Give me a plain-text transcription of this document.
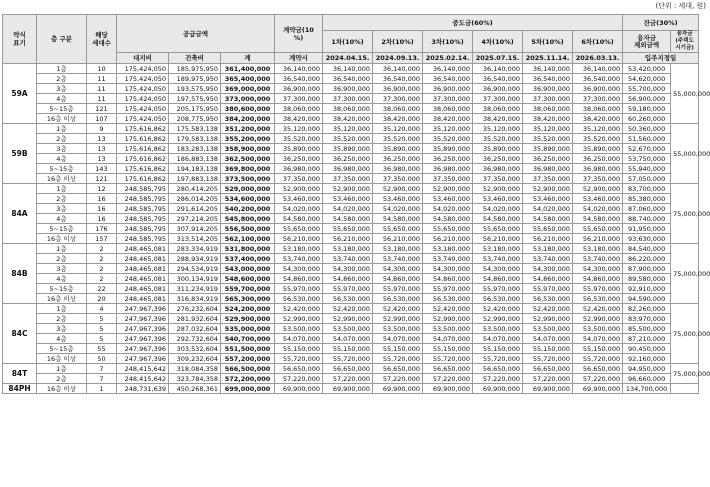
(단위 : 세대, 원)
약식
표기	층 구분	해당
세대수	공급금액			계약금(10
%)	중도금(60%)						잔금(30%)	
							1차(10%)	2차(10%)	3차(10%)	4차(10%)	5차(10%)	6차(10%)	융자금
제외금액	융자금
(주택도시기금)
			대지비	건축비	계	계약시	2024.04.15.	2024.09.13.	2025.02.14.	2025.07.15.	2025.11.14.	2026.03.13.	입주지정일	
59A	1층	10	175,424,050	185,975,950	361,400,000	36,140,000	36,140,000	36,140,000	36,140,000	36,140,000	36,140,000	36,140,000	53,420,000	55,000,000
	2층	11	175,424,050	189,975,950	365,400,000	36,540,000	36,540,000	36,540,000	36,540,000	36,540,000	36,540,000	36,540,000	54,620,000	
	3층	11	175,424,050	193,575,950	369,000,000	36,900,000	36,900,000	36,900,000	36,900,000	36,900,000	36,900,000	36,900,000	55,700,000	
	4층	11	175,424,050	197,575,950	373,000,000	37,300,000	37,300,000	37,300,000	37,300,000	37,300,000	37,300,000	37,300,000	56,900,000	
	5~15층	121	175,424,050	205,175,950	380,600,000	38,060,000	38,060,000	38,060,000	38,060,000	38,060,000	38,060,000	38,060,000	59,180,000	
	16층 이상	107	175,424,050	208,775,950	384,200,000	38,420,000	38,420,000	38,420,000	38,420,000	38,420,000	38,420,000	38,420,000	60,260,000	
59B	1층	9	175,616,862	175,583,138	351,200,000	35,120,000	35,120,000	35,120,000	35,120,000	35,120,000	35,120,000	35,120,000	50,360,000	55,000,000
	2층	13	175,616,862	179,583,138	355,200,000	35,520,000	35,520,000	35,520,000	35,520,000	35,520,000	35,520,000	35,520,000	51,560,000	
	3층	13	175,616,862	183,283,138	358,900,000	35,890,000	35,890,000	35,890,000	35,890,000	35,890,000	35,890,000	35,890,000	52,670,000	
	4층	13	175,616,862	186,883,138	362,500,000	36,250,000	36,250,000	36,250,000	36,250,000	36,250,000	36,250,000	36,250,000	53,750,000	
	5~15층	143	175,616,862	194,183,138	369,800,000	36,980,000	36,980,000	36,980,000	36,980,000	36,980,000	36,980,000	36,980,000	55,940,000	
	16층 이상	121	175,616,862	197,883,138	373,500,000	37,350,000	37,350,000	37,350,000	37,350,000	37,350,000	37,350,000	37,350,000	57,050,000	
84A	1층	12	248,585,795	280,414,205	529,000,000	52,900,000	52,900,000	52,900,000	52,900,000	52,900,000	52,900,000	52,900,000	83,700,000	75,000,000
	2층	16	248,585,795	286,014,205	534,600,000	53,460,000	53,460,000	53,460,000	53,460,000	53,460,000	53,460,000	53,460,000	85,380,000	
	3층	16	248,585,795	291,614,205	540,200,000	54,020,000	54,020,000	54,020,000	54,020,000	54,020,000	54,020,000	54,020,000	87,060,000	
	4층	16	248,585,795	297,214,205	545,800,000	54,580,000	54,580,000	54,580,000	54,580,000	54,580,000	54,580,000	54,580,000	88,740,000	
	5~15층	176	248,585,795	307,914,205	556,500,000	55,650,000	55,650,000	55,650,000	55,650,000	55,650,000	55,650,000	55,650,000	91,950,000	
	16층 이상	157	248,585,795	313,514,205	562,100,000	56,210,000	56,210,000	56,210,000	56,210,000	56,210,000	56,210,000	56,210,000	93,630,000	
84B	1층	2	248,465,081	283,334,919	531,800,000	53,180,000	53,180,000	53,180,000	53,180,000	53,180,000	53,180,000	53,180,000	84,540,000	75,000,000
	2층	2	248,465,081	288,934,919	537,400,000	53,740,000	53,740,000	53,740,000	53,740,000	53,740,000	53,740,000	53,740,000	86,220,000	
	3층	2	248,465,081	294,534,919	543,000,000	54,300,000	54,300,000	54,300,000	54,300,000	54,300,000	54,300,000	54,300,000	87,900,000	
	4층	2	248,465,081	300,134,919	548,600,000	54,860,000	54,860,000	54,860,000	54,860,000	54,860,000	54,860,000	54,860,000	89,580,000	
	5~15층	22	248,465,081	311,234,919	559,700,000	55,970,000	55,970,000	55,970,000	55,970,000	55,970,000	55,970,000	55,970,000	92,910,000	
	16층 이상	20	248,465,081	316,834,919	565,300,000	56,530,000	56,530,000	56,530,000	56,530,000	56,530,000	56,530,000	56,530,000	94,590,000	
84C	1층	4	247,967,396	276,232,604	524,200,000	52,420,000	52,420,000	52,420,000	52,420,000	52,420,000	52,420,000	52,420,000	82,260,000	75,000,000
	2층	5	247,967,396	281,932,604	529,900,000	52,990,000	52,990,000	52,990,000	52,990,000	52,990,000	52,990,000	52,990,000	83,970,000	
	3층	5	247,967,396	287,032,604	535,000,000	53,500,000	53,500,000	53,500,000	53,500,000	53,500,000	53,500,000	53,500,000	85,500,000	
	4층	5	247,967,396	292,732,604	540,700,000	54,070,000	54,070,000	54,070,000	54,070,000	54,070,000	54,070,000	54,070,000	87,210,000	
	5~15층	55	247,967,396	303,532,604	551,500,000	55,150,000	55,150,000	55,150,000	55,150,000	55,150,000	55,150,000	55,150,000	90,450,000	
	16층 이상	50	247,967,396	309,232,604	557,200,000	55,720,000	55,720,000	55,720,000	55,720,000	55,720,000	55,720,000	55,720,000	92,160,000	
84T	1층	7	248,415,642	318,084,358	566,500,000	56,650,000	56,650,000	56,650,000	56,650,000	56,650,000	56,650,000	56,650,000	94,950,000	75,000,000
	2층	7	248,415,642	323,784,358	572,200,000	57,220,000	57,220,000	57,220,000	57,220,000	57,220,000	57,220,000	57,220,000	96,660,000	
84PH	16층 이상	1	248,731,639	450,268,361	699,000,000	69,900,000	69,900,000	69,900,000	69,900,000	69,900,000	69,900,000	69,900,000	134,700,000	
